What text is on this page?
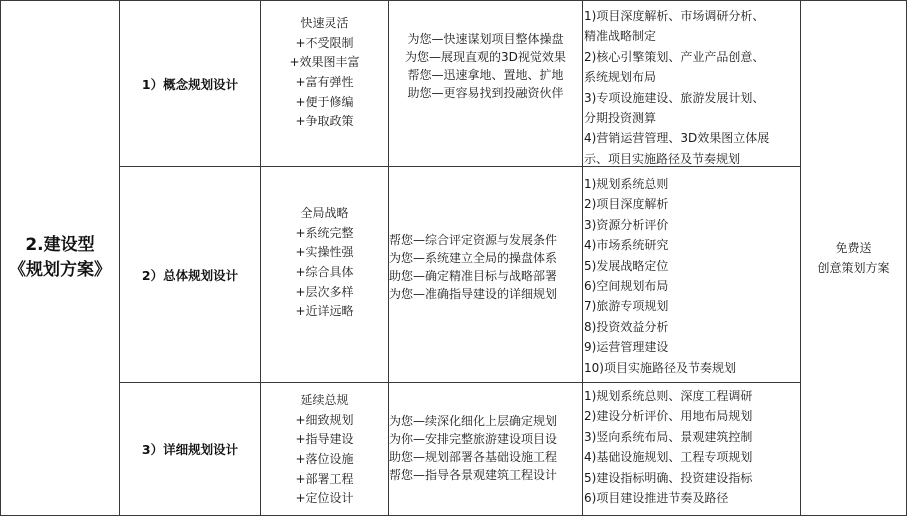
2.建设型
《规划方案》
免费送
创意策划方案
1）概念规划设计
快速灵活
+不受限制
+效果图丰富
+富有弹性
+便于修编
+争取政策
为您—快速谋划项目整体操盘
为您—展现直观的3D视觉效果
帮您—迅速拿地、置地、扩地
助您—更容易找到投融资伙伴
1)项目深度解析、市场调研分析、
精准战略制定
2)核心引擎策划、产业产品创意、
系统规划布局
3)专项设施建设、旅游发展计划、
分期投资测算
4)营销运营管理、3D效果图立体展
示、项目实施路径及节奏规划
2）总体规划设计
全局战略
+系统完整
+实操性强
+综合具体
+层次多样
+近详远略
帮您—综合评定资源与发展条件
为您—系统建立全局的操盘体系
助您—确定精准目标与战略部署
为您—准确指导建设的详细规划
1)规划系统总则
2)项目深度解析
3)资源分析评价
4)市场系统研究
5)发展战略定位
6)空间规划布局
7)旅游专项规划
8)投资效益分析
9)运营管理建设
10)项目实施路径及节奏规划
3）详细规划设计
延续总规
+细致规划
+指导建设
+落位设施
+部署工程
+定位设计
为您—续深化细化上层确定规划
为你—安排完整旅游建设项目设
助您—规划部署各基础设施工程
帮您—指导各景观建筑工程设计
1)规划系统总则、深度工程调研
2)建设分析评价、用地布局规划
3)竖向系统布局、景观建筑控制
4)基础设施规划、工程专项规划
5)建设指标明确、投资建设指标
6)项目建设推进节奏及路径
